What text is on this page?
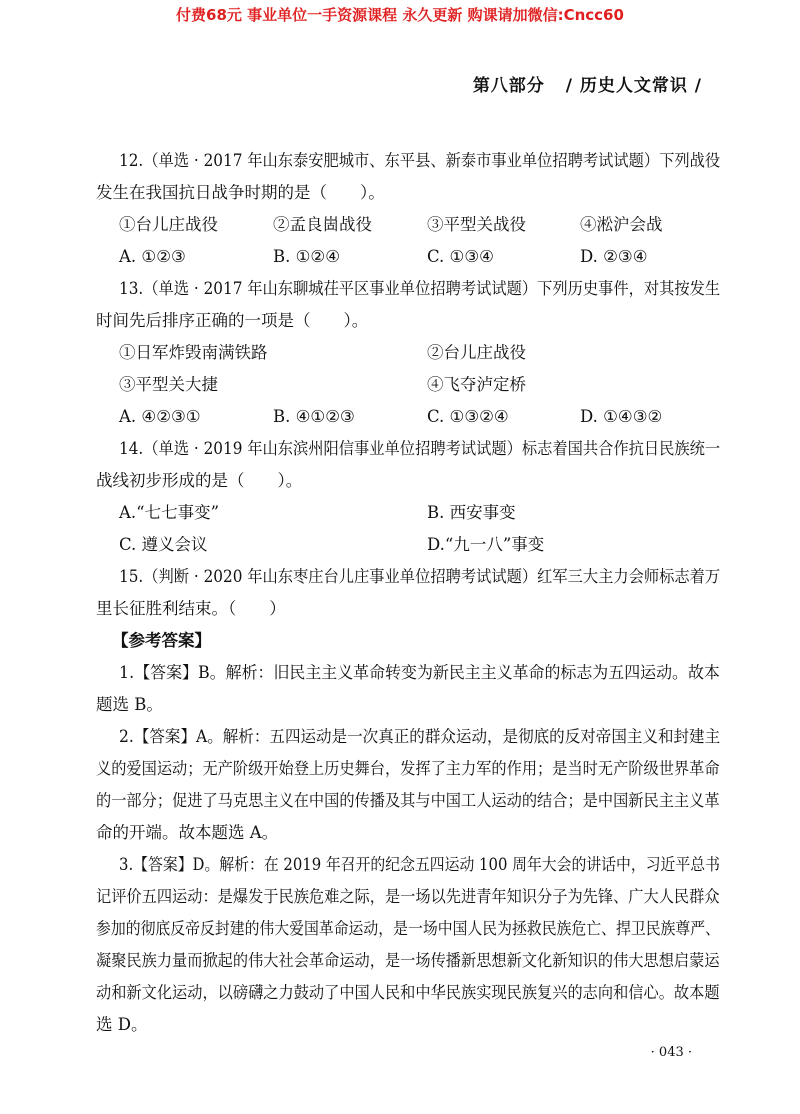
付费68元 事业单位一手资源课程 永久更新 购课请加微信:Cncc60
第八部分 / 历史人文常识 /
12.（单选 · 2017 年山东泰安肥城市、东平县、新泰市事业单位招聘考试试题）下列战役
发生在我国抗日战争时期的是（　　）。
①台儿庄战役	②孟良崮战役	③平型关战役	④淞沪会战
A. ①②③	B. ①②④	C. ①③④	D. ②③④
13.（单选 · 2017 年山东聊城茌平区事业单位招聘考试试题）下列历史事件，对其按发生
时间先后排序正确的一项是（　　）。
①日军炸毁南满铁路	②台儿庄战役
③平型关大捷	④飞夺泸定桥
A. ④②③①	B. ④①②③	C. ①③②④	D. ①④③②
14.（单选 · 2019 年山东滨州阳信事业单位招聘考试试题）标志着国共合作抗日民族统一
战线初步形成的是（　　）。
A.“七七事变”	B. 西安事变
C. 遵义会议	D.“九一八”事变
15.（判断 · 2020 年山东枣庄台儿庄事业单位招聘考试试题）红军三大主力会师标志着万
里长征胜利结束。（　　）
【参考答案】
1.【答案】B。解析：旧民主主义革命转变为新民主主义革命的标志为五四运动。故本
题选 B。
2.【答案】A。解析：五四运动是一次真正的群众运动，是彻底的反对帝国主义和封建主
义的爱国运动；无产阶级开始登上历史舞台，发挥了主力军的作用；是当时无产阶级世界革命
的一部分；促进了马克思主义在中国的传播及其与中国工人运动的结合；是中国新民主主义革
命的开端。故本题选 A。
3.【答案】D。解析：在 2019 年召开的纪念五四运动 100 周年大会的讲话中，习近平总书
记评价五四运动：是爆发于民族危难之际，是一场以先进青年知识分子为先锋、广大人民群众
参加的彻底反帝反封建的伟大爱国革命运动，是一场中国人民为拯救民族危亡、捍卫民族尊严、
凝聚民族力量而掀起的伟大社会革命运动，是一场传播新思想新文化新知识的伟大思想启蒙运
动和新文化运动，以磅礴之力鼓动了中国人民和中华民族实现民族复兴的志向和信心。故本题
选 D。
· 043 ·
